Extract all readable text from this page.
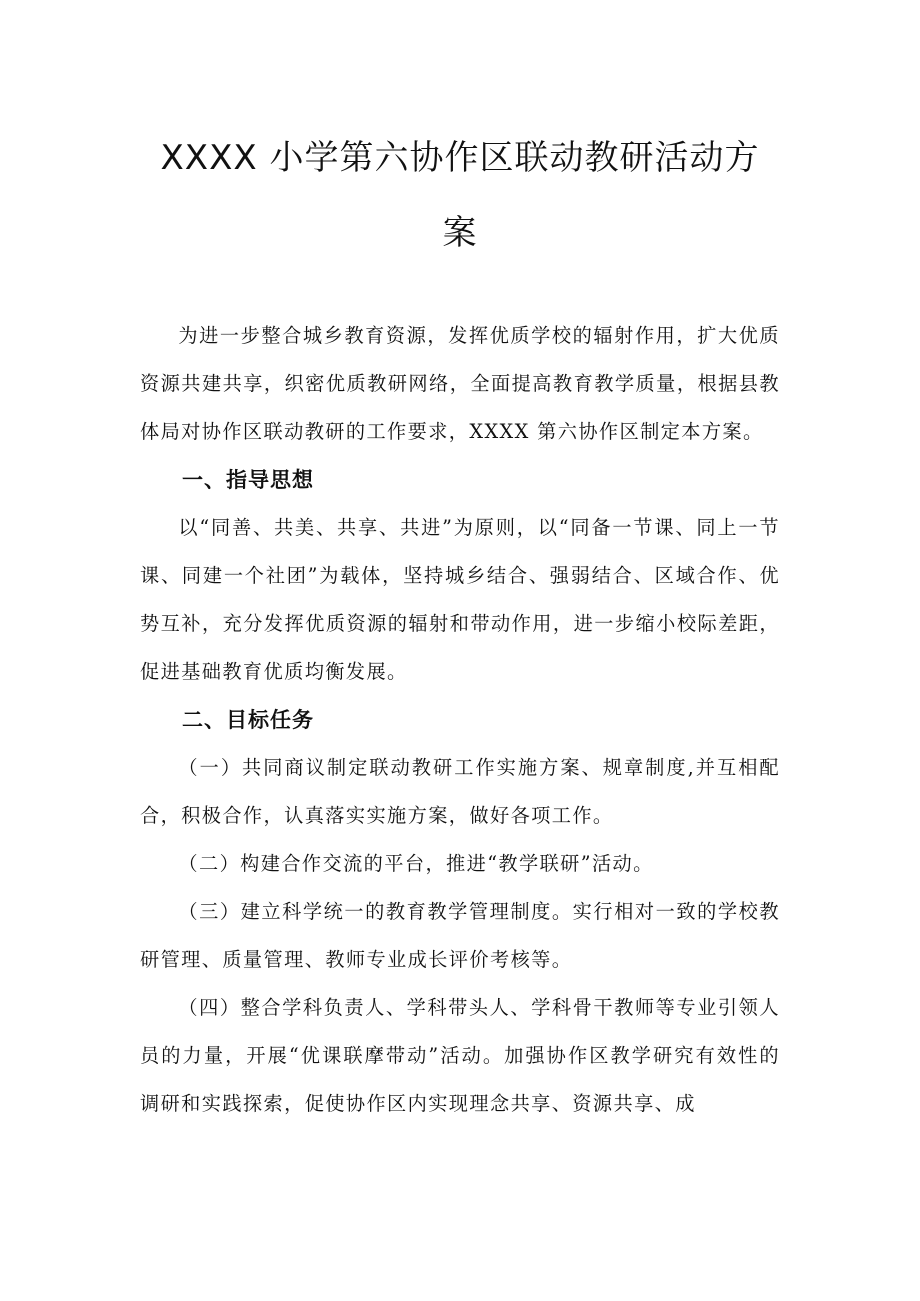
XXXX 小学第六协作区联动教研活动方
案

为进一步整合城乡教育资源，发挥优质学校的辐射作用，扩大优质资源共建共享，织密优质教研网络，全面提高教育教学质量，根据县教体局对协作区联动教研的工作要求，XXXX 第六协作区制定本方案。

一、指导思想

以“同善、共美、共享、共进”为原则，以“同备一节课、同上一节课、同建一个社团”为载体，坚持城乡结合、强弱结合、区域合作、优势互补，充分发挥优质资源的辐射和带动作用，进一步缩小校际差距，促进基础教育优质均衡发展。

二、目标任务

（一）共同商议制定联动教研工作实施方案、规章制度,并互相配合，积极合作，认真落实实施方案，做好各项工作。

（二）构建合作交流的平台，推进“教学联研”活动。

（三）建立科学统一的教育教学管理制度。实行相对一致的学校教研管理、质量管理、教师专业成长评价考核等。

（四）整合学科负责人、学科带头人、学科骨干教师等专业引领人员的力量，开展“优课联摩带动”活动。加强协作区教学研究有效性的调研和实践探索，促使协作区内实现理念共享、资源共享、成
